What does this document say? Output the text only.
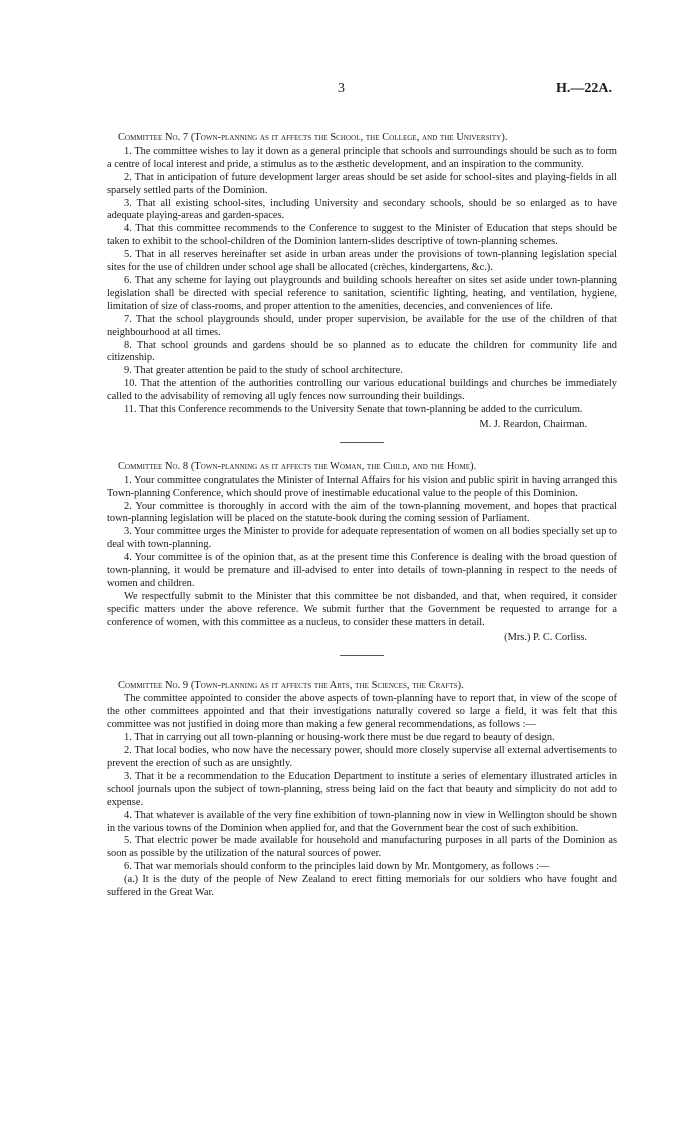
3	H.—22A.
Committee No. 7 (Town-planning as it affects the School, the College, and the University).

1. The committee wishes to lay it down as a general principle that schools and surroundings should be such as to form a centre of local interest and pride, a stimulus as to the æsthetic development, and an inspiration to the community.

2. That in anticipation of future development larger areas should be set aside for school-sites and playing-fields in all sparsely settled parts of the Dominion.

3. That all existing school-sites, including University and secondary schools, should be so enlarged as to have adequate playing-areas and garden-spaces.

4. That this committee recommends to the Conference to suggest to the Minister of Education that steps should be taken to exhibit to the school-children of the Dominion lantern-slides descriptive of town-planning schemes.

5. That in all reserves hereinafter set aside in urban areas under the provisions of town-planning legislation special sites for the use of children under school age shall be allocated (crèches, kindergartens, &c.).

6. That any scheme for laying out playgrounds and building schools hereafter on sites set aside under town-planning legislation shall be directed with special reference to sanitation, scientific lighting, heating, and ventilation, hygiene, limitation of size of class-rooms, and proper attention to the amenities, decencies, and conveniences of life.

7. That the school playgrounds should, under proper supervision, be available for the use of the children of that neighbourhood at all times.

8. That school grounds and gardens should be so planned as to educate the children for community life and citizenship.

9. That greater attention be paid to the study of school architecture.

10. That the attention of the authorities controlling our various educational buildings and churches be immediately called to the advisability of removing all ugly fences now surrounding their buildings.

11. That this Conference recommends to the University Senate that town-planning be added to the curriculum.

M. J. Reardon, Chairman.
Committee No. 8 (Town-planning as it affects the Woman, the Child, and the Home).

1. Your committee congratulates the Minister of Internal Affairs for his vision and public spirit in having arranged this Town-planning Conference, which should prove of inestimable educational value to the people of this Dominion.

2. Your committee is thoroughly in accord with the aim of the town-planning movement, and hopes that practical town-planning legislation will be placed on the statute-book during the coming session of Parliament.

3. Your committee urges the Minister to provide for adequate representation of women on all bodies specially set up to deal with town-planning.

4. Your committee is of the opinion that, as at the present time this Conference is dealing with the broad question of town-planning, it would be premature and ill-advised to enter into details of town-planning in respect to the needs of women and children.

We respectfully submit to the Minister that this committee be not disbanded, and that, when required, it consider specific matters under the above reference. We submit further that the Government be requested to arrange for a conference of women, with this committee as a nucleus, to consider these matters in detail.

(Mrs.) P. C. Corliss.
Committee No. 9 (Town-planning as it affects the Arts, the Sciences, the Crafts).

The committee appointed to consider the above aspects of town-planning have to report that, in view of the scope of the other committees appointed and that their investigations naturally covered so large a field, it was felt that this committee was not justified in doing more than making a few general recommendations, as follows :—

1. That in carrying out all town-planning or housing-work there must be due regard to beauty of design.

2. That local bodies, who now have the necessary power, should more closely supervise all external advertisements to prevent the erection of such as are unsightly.

3. That it be a recommendation to the Education Department to institute a series of elementary illustrated articles in school journals upon the subject of town-planning, stress being laid on the fact that beauty and simplicity do not add to expense.

4. That whatever is available of the very fine exhibition of town-planning now in view in Wellington should be shown in the various towns of the Dominion when applied for, and that the Government bear the cost of such exhibition.

5. That electric power be made available for household and manufacturing purposes in all parts of the Dominion as soon as possible by the utilization of the natural sources of power.

6. That war memorials should conform to the principles laid down by Mr. Montgomery, as follows :—

(a.) It is the duty of the people of New Zealand to erect fitting memorials for our soldiers who have fought and suffered in the Great War.
